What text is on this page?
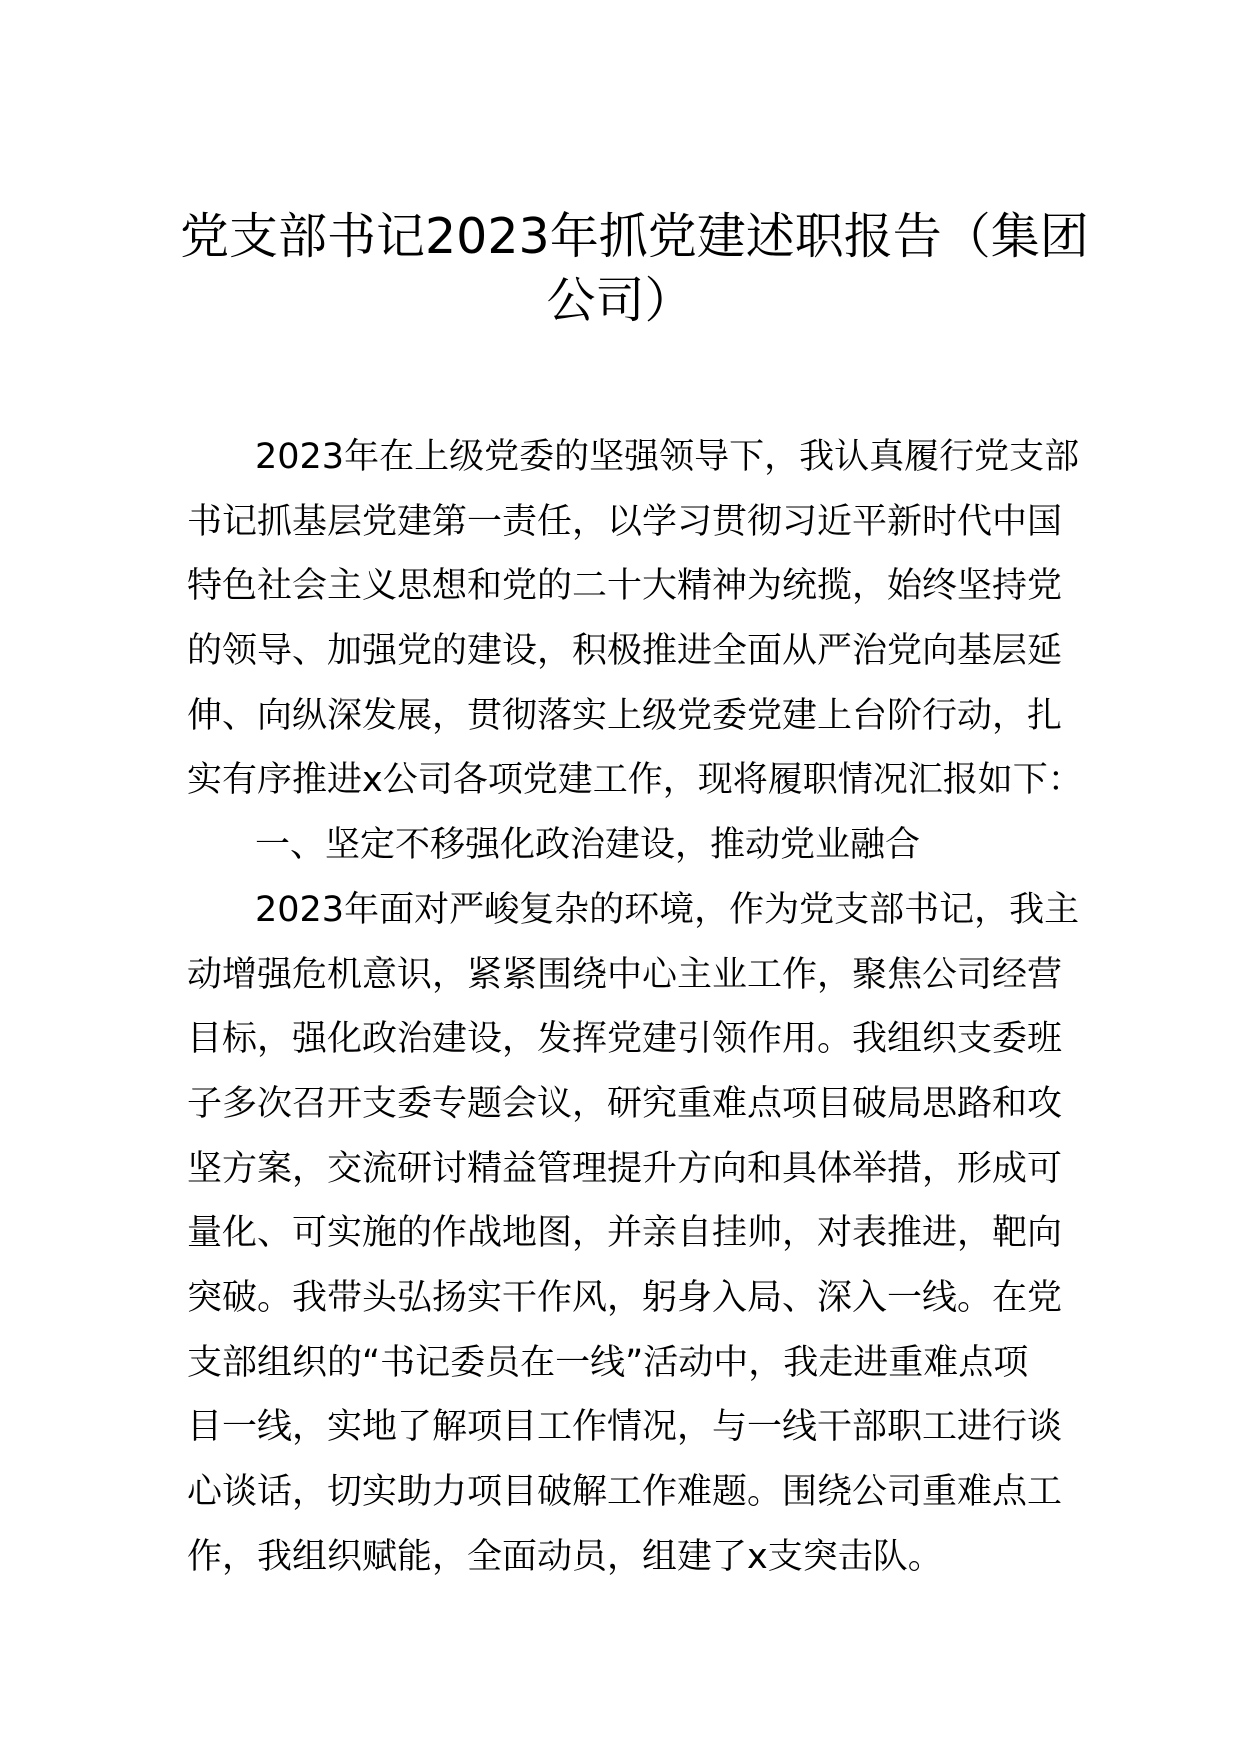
党支部书记2023年抓党建述职报告（集团
公司）
2023年在上级党委的坚强领导下，我认真履行党支部
书记抓基层党建第一责任，以学习贯彻习近平新时代中国
特色社会主义思想和党的二十大精神为统揽，始终坚持党
的领导、加强党的建设，积极推进全面从严治党向基层延
伸、向纵深发展，贯彻落实上级党委党建上台阶行动，扎
实有序推进x公司各项党建工作，现将履职情况汇报如下：
一、坚定不移强化政治建设，推动党业融合
2023年面对严峻复杂的环境，作为党支部书记，我主
动增强危机意识，紧紧围绕中心主业工作，聚焦公司经营
目标，强化政治建设，发挥党建引领作用。我组织支委班
子多次召开支委专题会议，研究重难点项目破局思路和攻
坚方案，交流研讨精益管理提升方向和具体举措，形成可
量化、可实施的作战地图，并亲自挂帅，对表推进，靶向
突破。我带头弘扬实干作风，躬身入局、深入一线。在党
支部组织的“书记委员在一线”活动中，我走进重难点项
目一线，实地了解项目工作情况，与一线干部职工进行谈
心谈话，切实助力项目破解工作难题。围绕公司重难点工
作，我组织赋能，全面动员，组建了x支突击队。
